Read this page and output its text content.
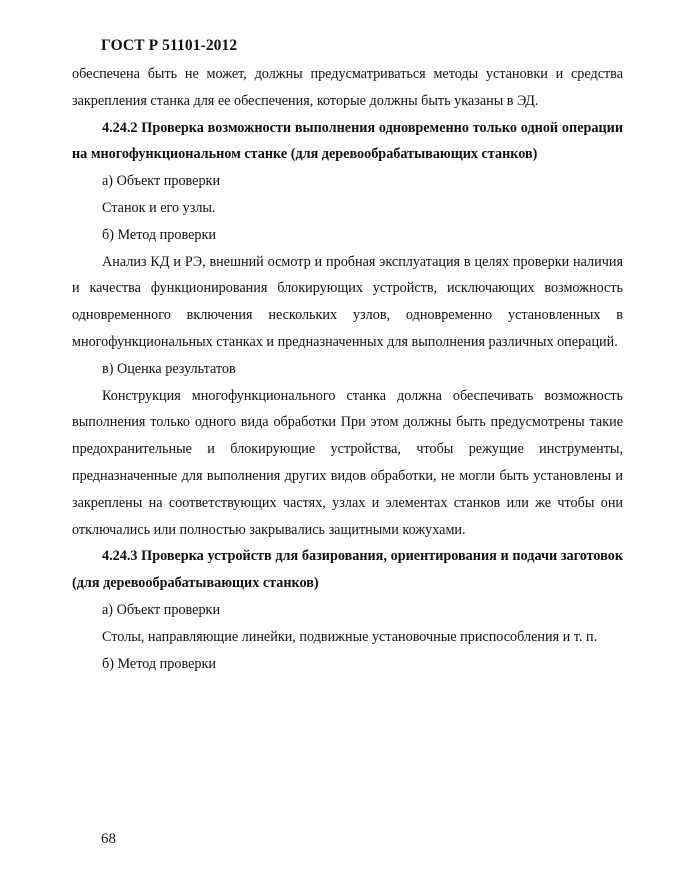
ГОСТ Р 51101-2012

обеспечена быть не может, должны предусматриваться методы установки и средства закрепления станка для ее обеспечения, которые должны быть указаны в ЭД.

4.24.2 Проверка возможности выполнения одновременно только одной операции на многофункциональном станке (для деревообрабатывающих станков)

а) Объект проверки

Станок и его узлы.

б) Метод проверки

Анализ КД и РЭ, внешний осмотр и пробная эксплуатация в целях проверки наличия и качества функционирования блокирующих устройств, исключающих возможность одновременного включения нескольких узлов, одновременно установленных в многофункциональных станках и предназначенных для выполнения различных операций.

в) Оценка результатов

Конструкция многофункционального станка должна обеспечивать возможность выполнения только одного вида обработки При этом должны быть предусмотрены такие предохранительные и блокирующие устройства, чтобы режущие инструменты, предназначенные для выполнения других видов обработки, не могли быть установлены и закреплены на соответствующих частях, узлах и элементах станков или же чтобы они отключались или полностью закрывались защитными кожухами.

4.24.3 Проверка устройств для базирования, ориентирования и подачи заготовок (для деревообрабатывающих станков)

а) Объект проверки

Столы, направляющие линейки, подвижные установочные приспособления и т. п.

б) Метод проверки

68
